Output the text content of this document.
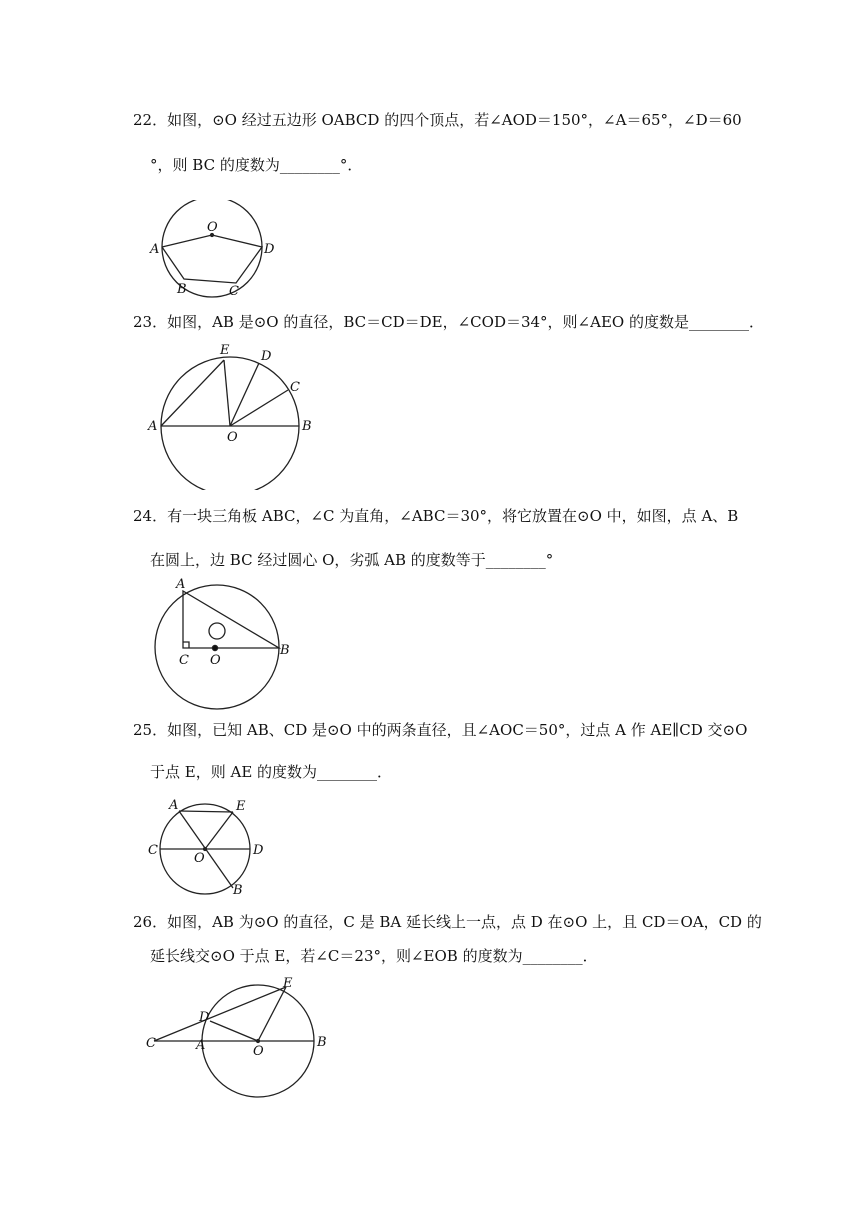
22．如图，⊙O 经过五边形 OABCD 的四个顶点，若∠AOD＝150°，∠A＝65°，∠D＝60
°，则 BC 的度数为________°．
O
A	D
B	C
23．如图，AB 是⊙O 的直径，BC＝CD＝DE，∠COD＝34°，则∠AEO 的度数是________．
E D
C
A
O
B
24．有一块三角板 ABC，∠C 为直角，∠ABC＝30°，将它放置在⊙O 中，如图，点 A、B
在圆上，边 BC 经过圆心 O，劣弧 AB 的度数等于________°
A
C O
B
25．如图，已知 AB、CD 是⊙O 中的两条直径，且∠AOC＝50°，过点 A 作 AE∥CD 交⊙O
于点 E，则 AE 的度数为________．
A	E
C
O
D
B
26．如图，AB 为⊙O 的直径，C 是 BA 延长线上一点，点 D 在⊙O 上，且 CD＝OA，CD 的
延长线交⊙O 于点 E，若∠C＝23°，则∠EOB 的度数为________．
E
D
C	A	O
B
